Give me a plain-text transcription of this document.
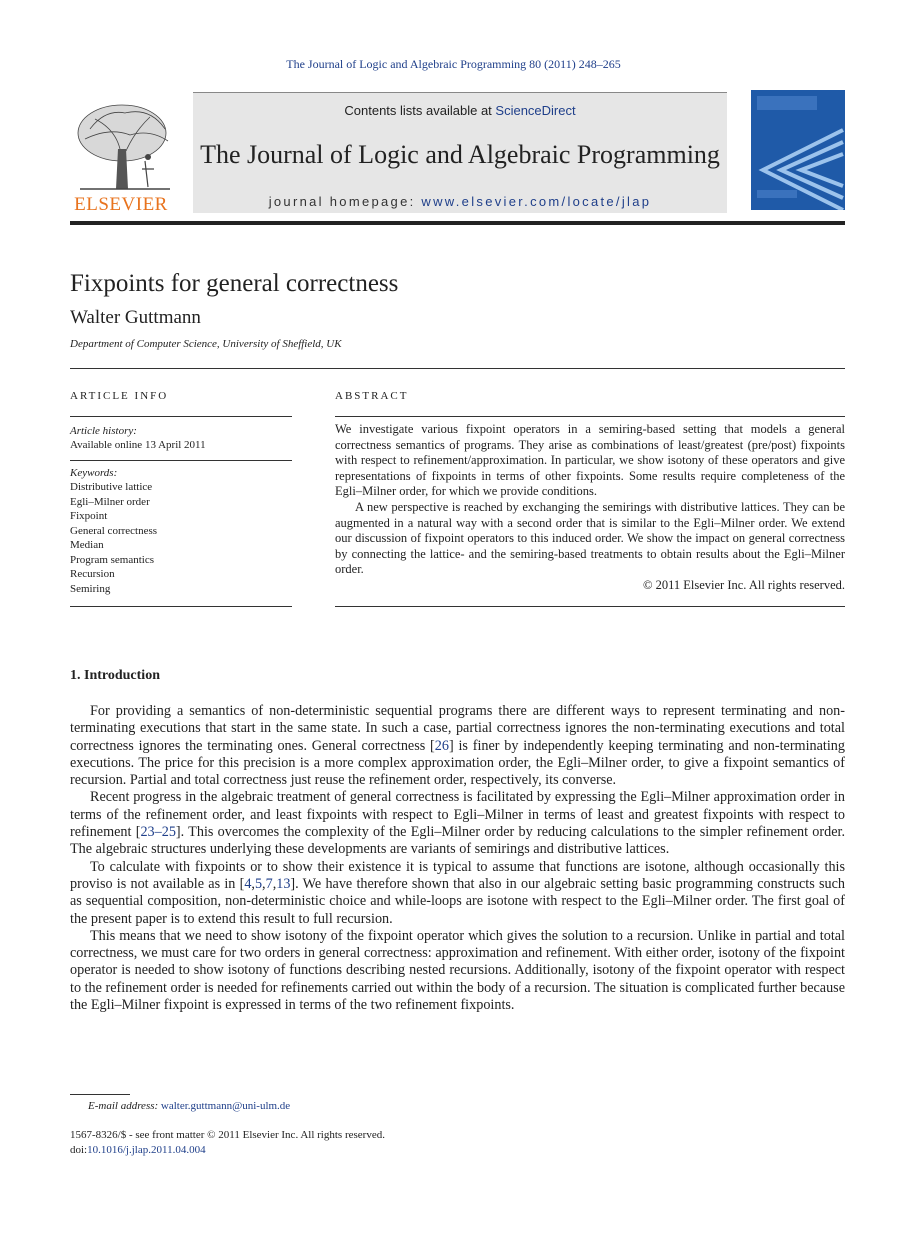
The Journal of Logic and Algebraic Programming 80 (2011) 248–265
ELSEVIER
Contents lists available at ScienceDirect
The Journal of Logic and Algebraic Programming
journal homepage: www.elsevier.com/locate/jlap
Fixpoints for general correctness
Walter Guttmann
Department of Computer Science, University of Sheffield, UK
ARTICLE INFO
Article history:
Available online 13 April 2011
Keywords:
Distributive lattice
Egli–Milner order
Fixpoint
General correctness
Median
Program semantics
Recursion
Semiring
ABSTRACT

We investigate various fixpoint operators in a semiring-based setting that models a general correctness semantics of programs. They arise as combinations of least/greatest (pre/post) fixpoints with respect to refinement/approximation. In particular, we show isotony of these operators and give representations of fixpoints in terms of other fixpoints. Some results require completeness of the Egli–Milner order, for which we provide conditions.

A new perspective is reached by exchanging the semirings with distributive lattices. They can be augmented in a natural way with a second order that is similar to the Egli–Milner order. We extend our discussion of fixpoint operators to this induced order. We show the impact on general correctness by connecting the lattice- and the semiring-based treatments to obtain results about the Egli–Milner order.

© 2011 Elsevier Inc. All rights reserved.

1. Introduction

For providing a semantics of non-deterministic sequential programs there are different ways to represent terminating and non-terminating executions that start in the same state. In such a case, partial correctness ignores the non-terminating executions and total correctness ignores the terminating ones. General correctness [26] is finer by independently keeping terminating and non-terminating executions. The price for this precision is a more complex approximation order, the Egli–Milner order, to give a fixpoint semantics of recursion. Partial and total correctness just reuse the refinement order, respectively, its converse.

Recent progress in the algebraic treatment of general correctness is facilitated by expressing the Egli–Milner approximation order in terms of the refinement order, and least fixpoints with respect to Egli–Milner in terms of least and greatest fixpoints with respect to refinement [23–25]. This overcomes the complexity of the Egli–Milner order by reducing calculations to the simpler refinement order. The algebraic structures underlying these developments are variants of semirings and distributive lattices.

To calculate with fixpoints or to show their existence it is typical to assume that functions are isotone, although occasionally this proviso is not available as in [4,5,7,13]. We have therefore shown that also in our algebraic setting basic programming constructs such as sequential composition, non-deterministic choice and while-loops are isotone with respect to the Egli–Milner order. The first goal of the present paper is to extend this result to full recursion.

This means that we need to show isotony of the fixpoint operator which gives the solution to a recursion. Unlike in partial and total correctness, we must care for two orders in general correctness: approximation and refinement. With either order, isotony of the fixpoint operator is needed to show isotony of functions describing nested recursions. Additionally, isotony of the fixpoint operator with respect to the refinement order is needed for refinements carried out within the body of a recursion. The situation is complicated further because the Egli–Milner fixpoint is expressed in terms of the two refinement fixpoints.

E-mail address: walter.guttmann@uni-ulm.de
1567-8326/$ - see front matter © 2011 Elsevier Inc. All rights reserved.
doi:10.1016/j.jlap.2011.04.004
